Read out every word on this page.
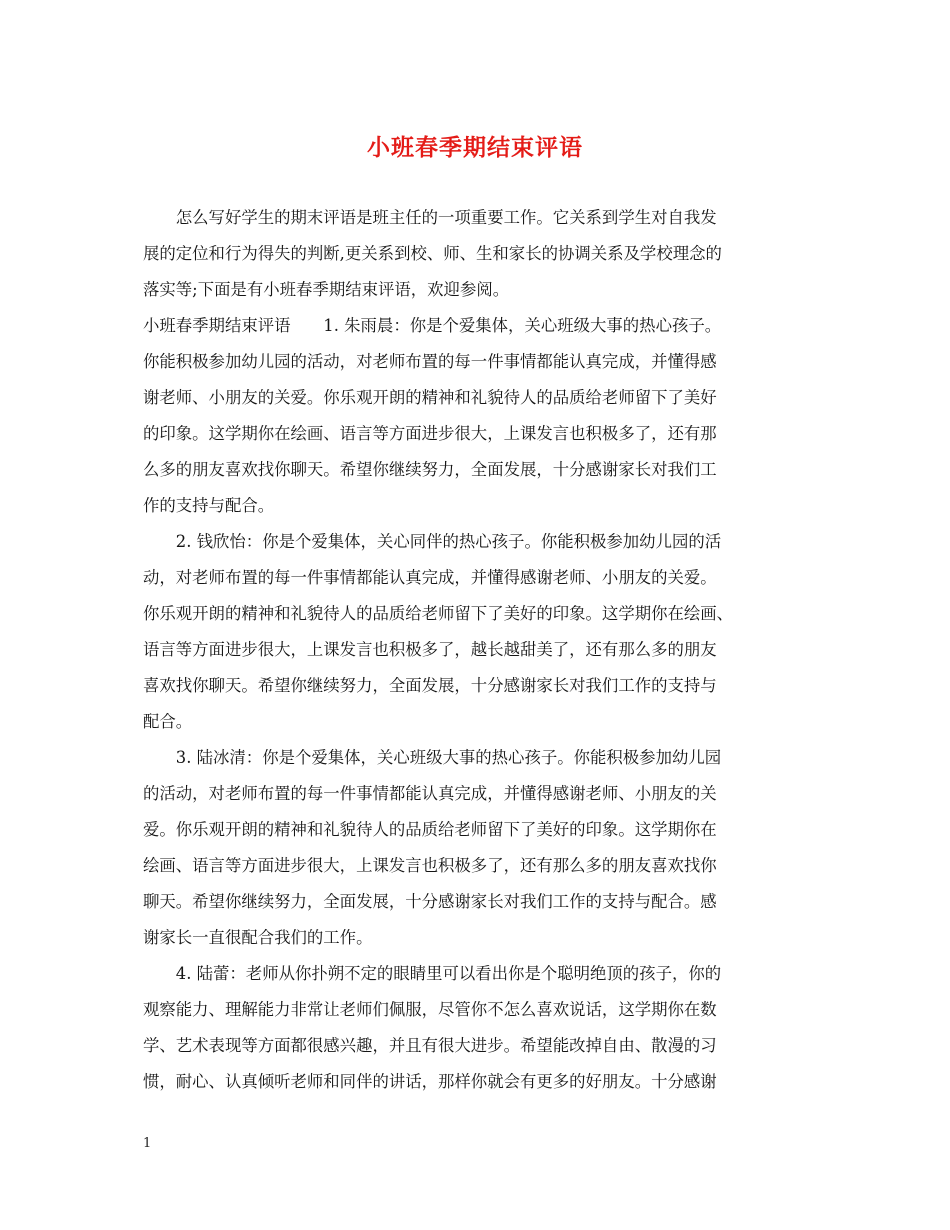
小班春季期结束评语
　　怎么写好学生的期末评语是班主任的一项重要工作。它关系到学生对自我发
展的定位和行为得失的判断,更关系到校、师、生和家长的协调关系及学校理念的
落实等;下面是有小班春季期结束评语，欢迎参阅。
小班春季期结束评语　　1. 朱雨晨：你是个爱集体，关心班级大事的热心孩子。
你能积极参加幼儿园的活动，对老师布置的每一件事情都能认真完成，并懂得感
谢老师、小朋友的关爱。你乐观开朗的精神和礼貌待人的品质给老师留下了美好
的印象。这学期你在绘画、语言等方面进步很大，上课发言也积极多了，还有那
么多的朋友喜欢找你聊天。希望你继续努力，全面发展，十分感谢家长对我们工
作的支持与配合。
　　2. 钱欣怡：你是个爱集体，关心同伴的热心孩子。你能积极参加幼儿园的活
动，对老师布置的每一件事情都能认真完成，并懂得感谢老师、小朋友的关爱。
你乐观开朗的精神和礼貌待人的品质给老师留下了美好的印象。这学期你在绘画、
语言等方面进步很大，上课发言也积极多了，越长越甜美了，还有那么多的朋友
喜欢找你聊天。希望你继续努力，全面发展，十分感谢家长对我们工作的支持与
配合。
　　3. 陆冰清：你是个爱集体，关心班级大事的热心孩子。你能积极参加幼儿园
的活动，对老师布置的每一件事情都能认真完成，并懂得感谢老师、小朋友的关
爱。你乐观开朗的精神和礼貌待人的品质给老师留下了美好的印象。这学期你在
绘画、语言等方面进步很大，上课发言也积极多了，还有那么多的朋友喜欢找你
聊天。希望你继续努力，全面发展，十分感谢家长对我们工作的支持与配合。感
谢家长一直很配合我们的工作。
　　4. 陆蕾：老师从你扑朔不定的眼睛里可以看出你是个聪明绝顶的孩子，你的
观察能力、理解能力非常让老师们佩服，尽管你不怎么喜欢说话，这学期你在数
学、艺术表现等方面都很感兴趣，并且有很大进步。希望能改掉自由、散漫的习
惯，耐心、认真倾听老师和同伴的讲话，那样你就会有更多的好朋友。十分感谢
1
